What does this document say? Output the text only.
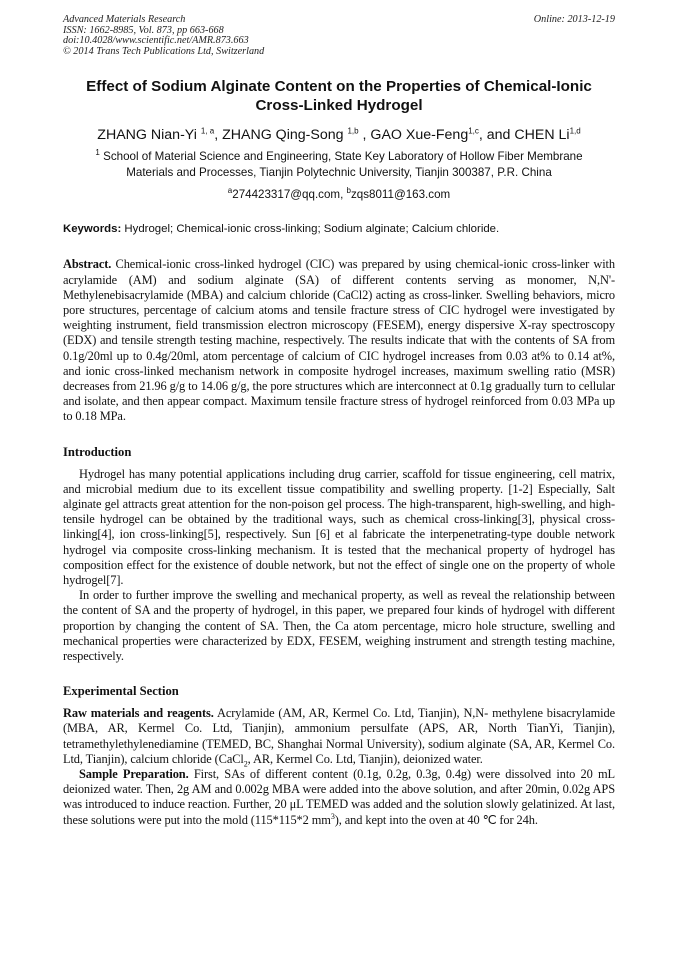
Advanced Materials Research
ISSN: 1662-8985, Vol. 873, pp 663-668
doi:10.4028/www.scientific.net/AMR.873.663
© 2014 Trans Tech Publications Ltd, Switzerland
Online: 2013-12-19
Effect of Sodium Alginate Content on the Properties of Chemical-Ionic
Cross-Linked Hydrogel
ZHANG Nian-Yi $^{1, a}$, ZHANG Qing-Song $^{1,b}$ , GAO Xue-Feng$^{1,c}$, and CHEN Li$^{1,d}$
$^1$ School of Material Science and Engineering, State Key Laboratory of Hollow Fiber Membrane
Materials and Processes, Tianjin Polytechnic University, Tianjin 300387, P.R. China
$^a$274423317@qq.com, $^b$zqs8011@163.com
Keywords: Hydrogel; Chemical-ionic cross-linking; Sodium alginate; Calcium chloride.

Abstract. Chemical-ionic cross-linked hydrogel (CIC) was prepared by using chemical-ionic cross-linker with acrylamide (AM) and sodium alginate (SA) of different contents serving as monomer, N,N'-Methylenebisacrylamide (MBA) and calcium chloride (CaCl2) acting as cross-linker. Swelling behaviors, micro pore structures, percentage of calcium atoms and tensile fracture stress of CIC hydrogel were investigated by weighting instrument, field transmission electron microscopy (FESEM), energy dispersive X-ray spectroscopy (EDX) and tensile strength testing machine, respectively. The results indicate that with the contents of SA from 0.1g/20ml up to 0.4g/20ml, atom percentage of calcium of CIC hydrogel increases from 0.03 at% to 0.14 at%, and ionic cross-linked mechanism network in composite hydrogel increases, maximum swelling ratio (MSR) decreases from 21.96 g/g to 14.06 g/g, the pore structures which are interconnect at 0.1g gradually turn to cellular and isolate, and then appear compact. Maximum tensile fracture stress of hydrogel reinforced from 0.03 MPa up to 0.18 MPa.

Introduction

Hydrogel has many potential applications including drug carrier, scaffold for tissue engineering, cell matrix, and microbial medium due to its excellent tissue compatibility and swelling property. [1-2] Especially, Salt alginate gel attracts great attention for the non-poison gel process. The high-transparent, high-swelling, and high-tensile hydrogel can be obtained by the traditional ways, such as chemical cross-linking[3], physical cross-linking[4], ion cross-linking[5], respectively. Sun [6] et al fabricate the interpenetrating-type double network hydrogel via composite cross-linking mechanism. It is tested that the mechanical property of hydrogel has composition effect for the existence of double network, but not the effect of single one on the property of whole hydrogel[7].

In order to further improve the swelling and mechanical property, as well as reveal the relationship between the content of SA and the property of hydrogel, in this paper, we prepared four kinds of hydrogel with different proportion by changing the content of SA. Then, the Ca atom percentage, micro hole structure, swelling and mechanical properties were characterized by EDX, FESEM, weighing instrument and strength testing machine, respectively.

Experimental Section

Raw materials and reagents. Acrylamide (AM, AR, Kermel Co. Ltd, Tianjin), N,N- methylene bisacrylamide (MBA, AR, Kermel Co. Ltd, Tianjin), ammonium persulfate (APS, AR, North TianYi, Tianjin), tetramethylethylenediamine (TEMED, BC, Shanghai Normal University), sodium alginate (SA, AR, Kermel Co. Ltd, Tianjin), calcium chloride (CaCl$_2$, AR, Kermel Co. Ltd, Tianjin), deionized water.

Sample Preparation. First, SAs of different content (0.1g, 0.2g, 0.3g, 0.4g) were dissolved into 20 mL deionized water. Then, 2g AM and 0.002g MBA were added into the above solution, and after 20min, 0.02g APS was introduced to induce reaction. Further, 20 μL TEMED was added and the solution slowly gelatinized. At last, these solutions were put into the mold (115*115*2 $mm^3$), and kept into the oven at 40 ℃ for 24h.
